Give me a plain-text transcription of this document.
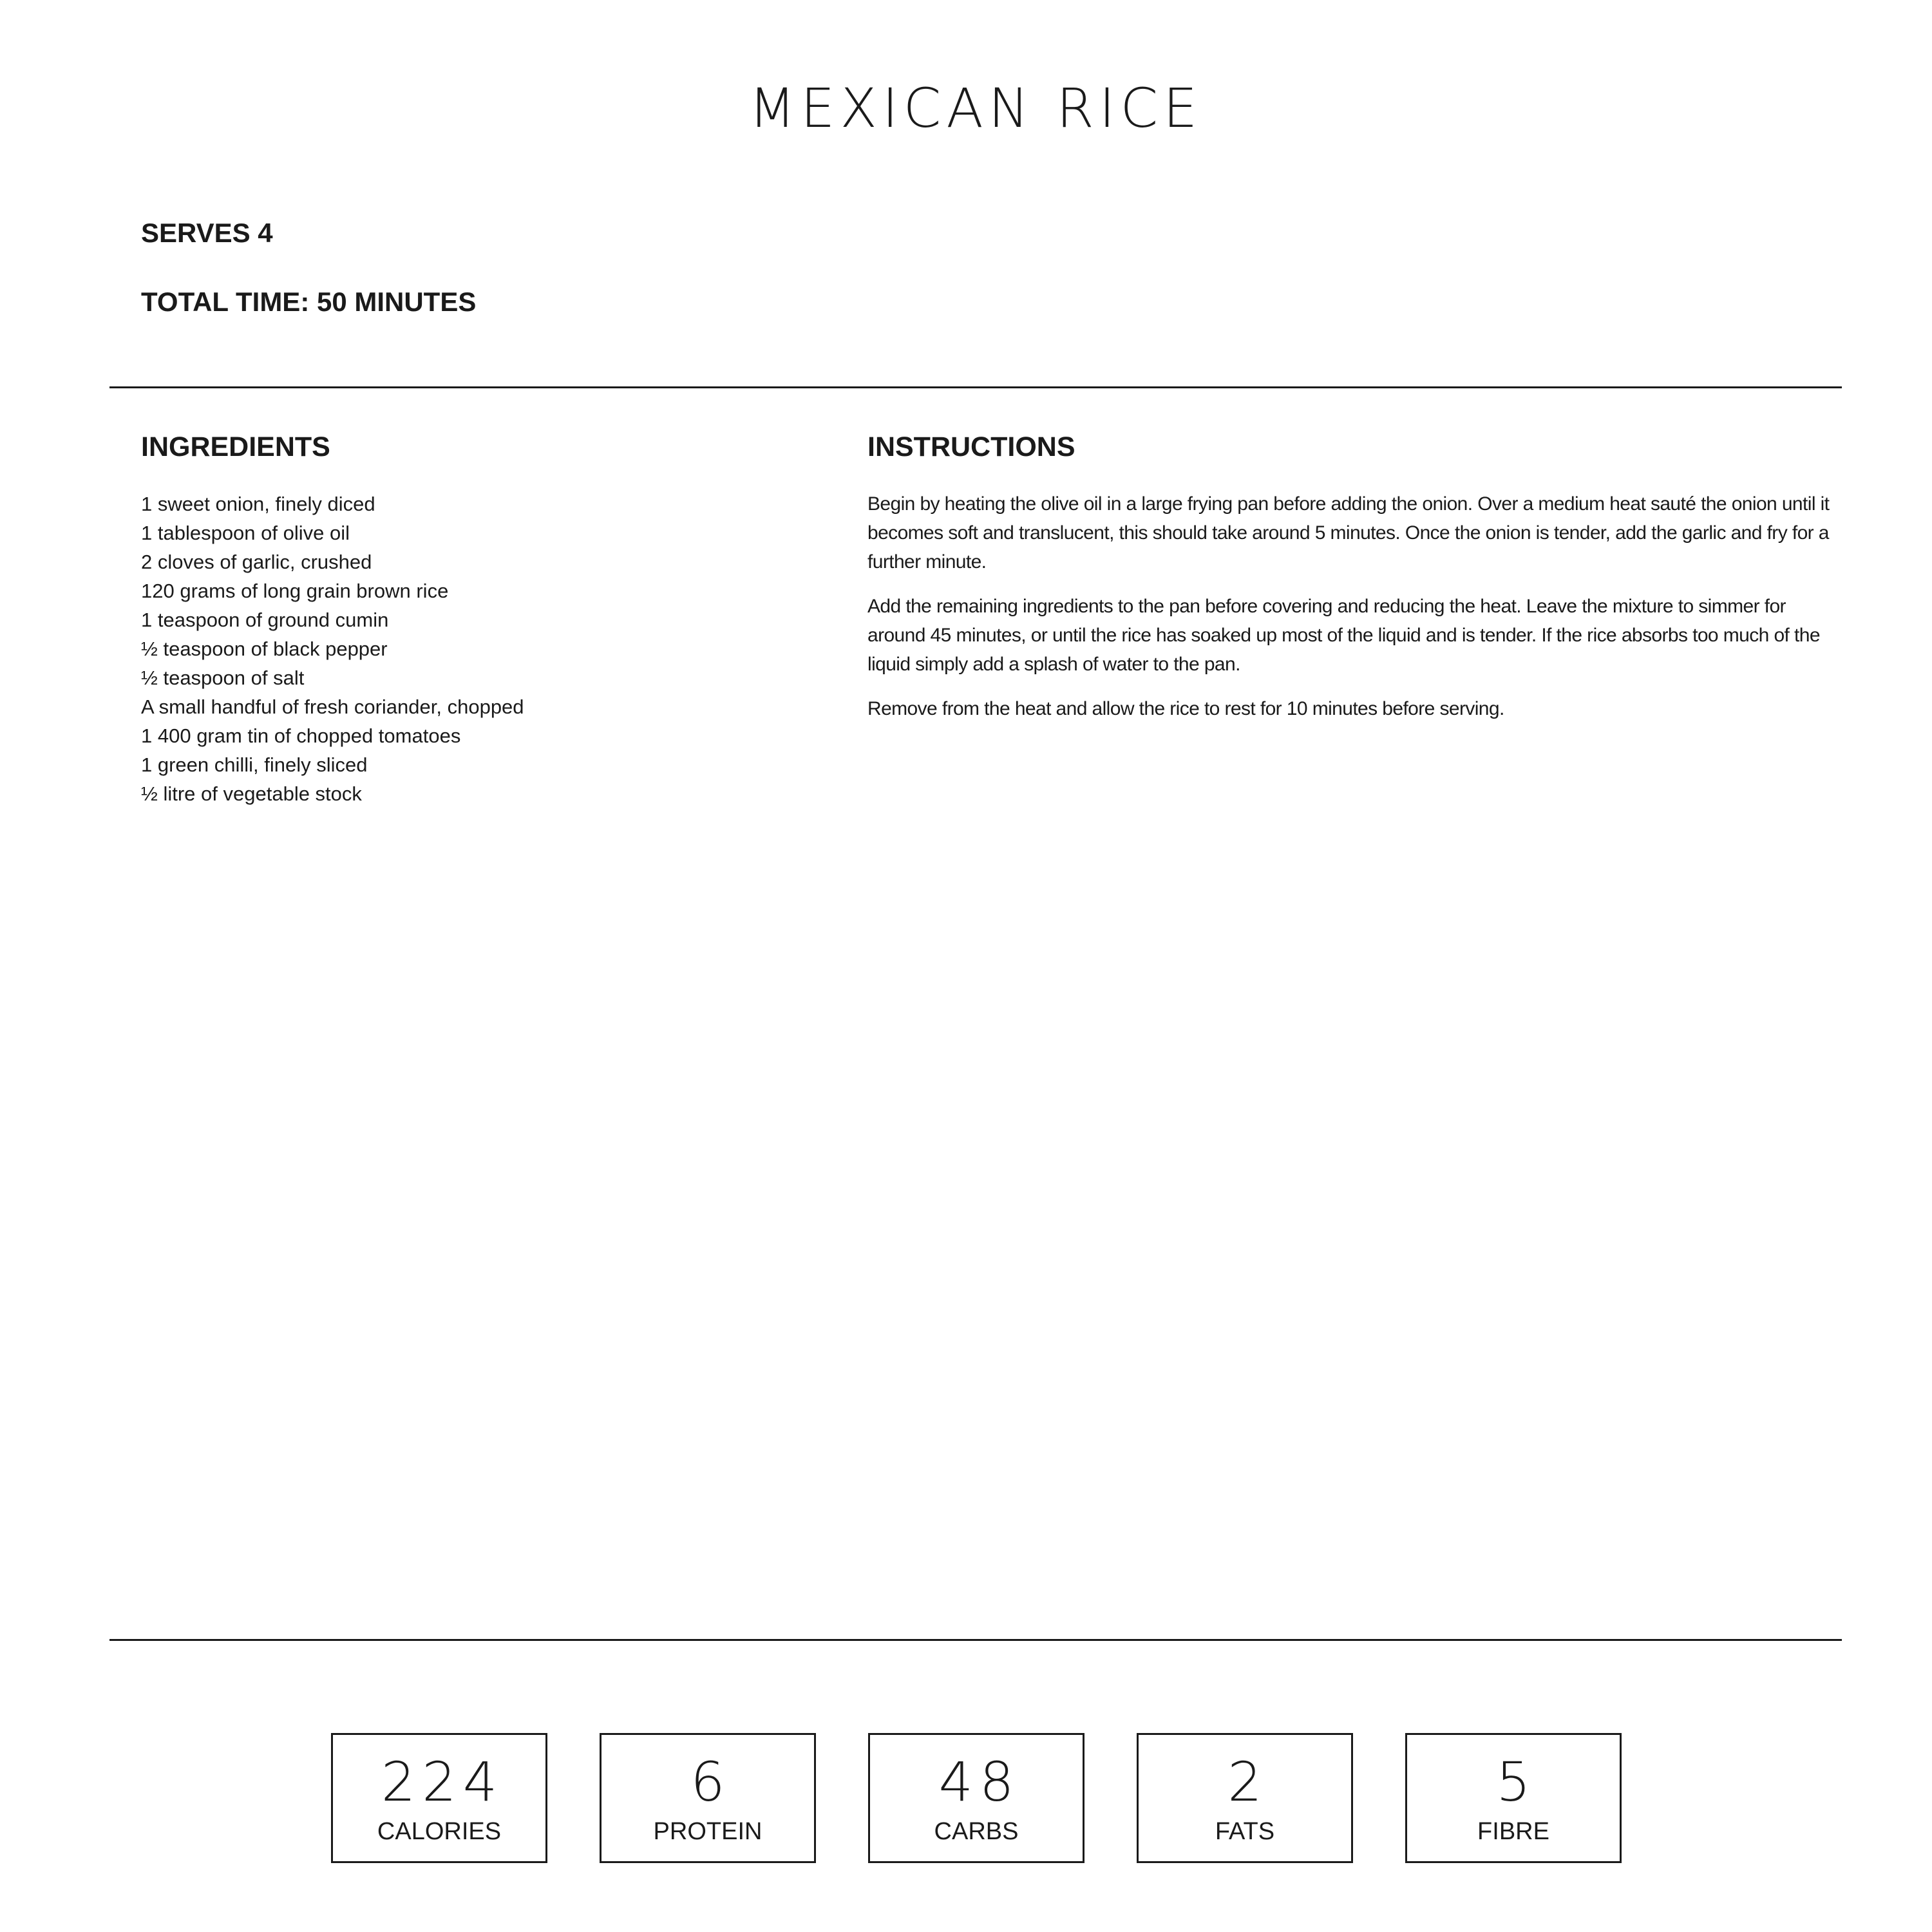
MEXICAN RICE

SERVES 4

TOTAL TIME: 50 MINUTES

INGREDIENTS
1 sweet onion, finely diced
1 tablespoon of olive oil
2 cloves of garlic, crushed
120 grams of long grain brown rice
1 teaspoon of ground cumin
½ teaspoon of black pepper
½ teaspoon of salt
A small handful of fresh coriander, chopped
1 400 gram tin of chopped tomatoes
1 green chilli, finely sliced
½ litre of vegetable stock
INSTRUCTIONS

Begin by heating the olive oil in a large frying pan before adding the onion. Over a medium heat sauté the onion until it becomes soft and translucent, this should take around 5 minutes. Once the onion is tender, add the garlic and fry for a further minute.

Add the remaining ingredients to the pan before covering and reducing the heat. Leave the mixture to simmer for around 45 minutes, or until the rice has soaked up most of the liquid and is tender. If the rice absorbs too much of the liquid simply add a splash of water to the pan.

Remove from the heat and allow the rice to rest for 10 minutes before serving.

224
CALORIES
6
PROTEIN
48
CARBS
2
FATS
5
FIBRE
